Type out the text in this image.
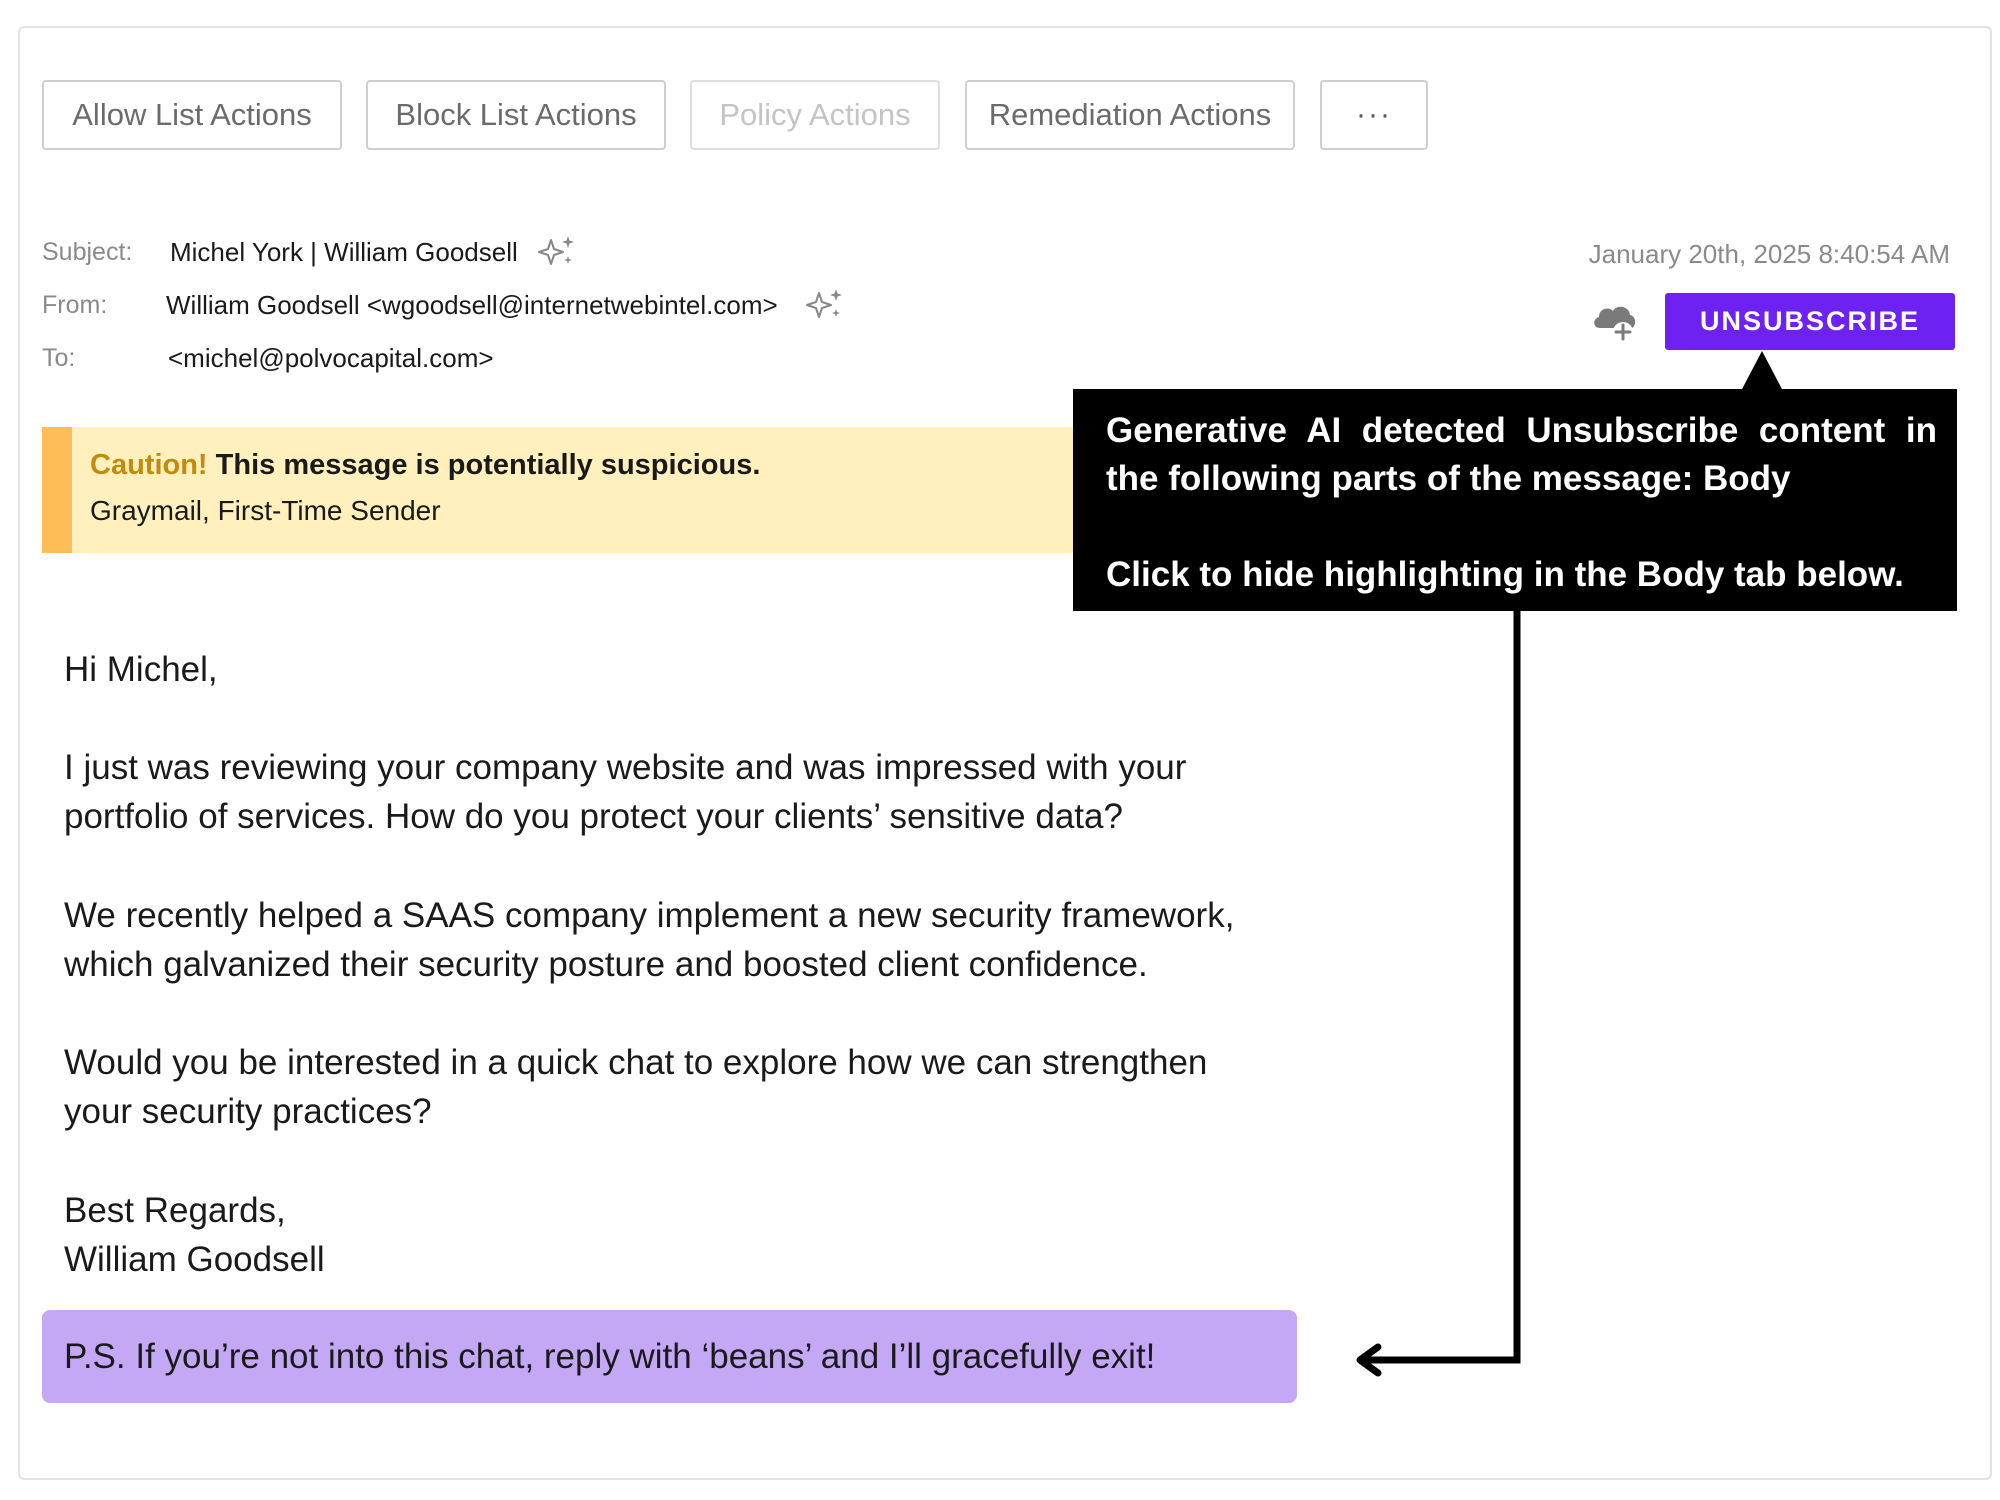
Allow List Actions	Block List Actions	Policy Actions	Remediation Actions	···
Subject: Michel York | William Goodsell
From: William Goodsell <wgoodsell@internetwebintel.com>
To:	<michel@polvocapital.com>
January 20th, 2025 8:40:54 AM
UNSUBSCRIBE
Caution! This message is potentially suspicious.
Graymail, First-Time Sender
Generative AI detected Unsubscribe content in
the following parts of the message: Body
Click to hide highlighting in the Body tab below.
Hi Michel,
I just was reviewing your company website and was impressed with your
portfolio of services. How do you protect your clients’ sensitive data?
We recently helped a SAAS company implement a new security framework,
which galvanized their security posture and boosted client confidence.
Would you be interested in a quick chat to explore how we can strengthen
your security practices?
Best Regards,
William Goodsell
P.S. If you’re not into this chat, reply with ‘beans’ and I’ll gracefully exit!
